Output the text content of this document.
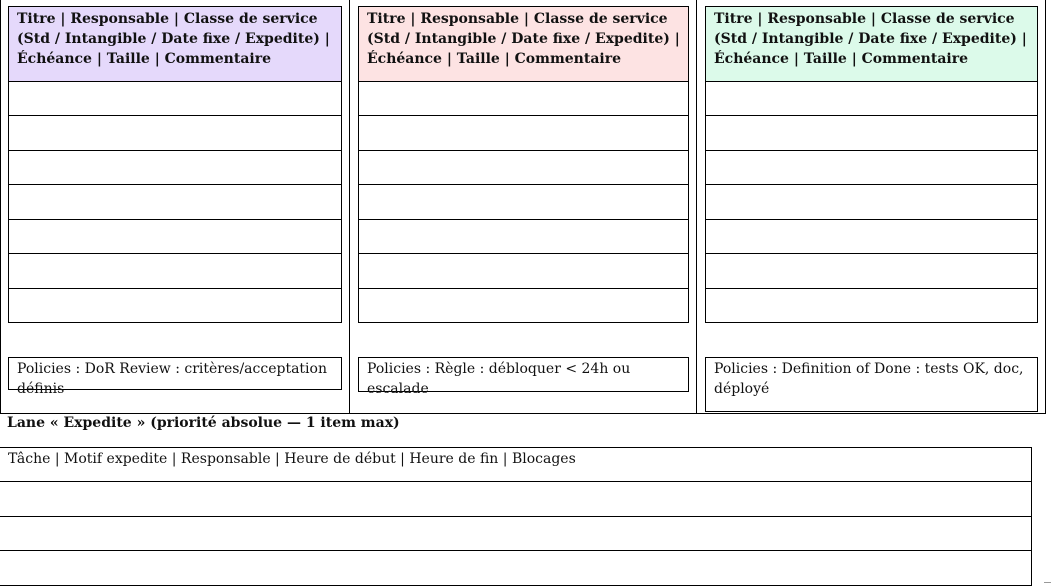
Titre | Responsable | Classe de service (Std / Intangible / Date fixe / Expedite) | Échéance | Taille | Commentaire
Policies : DoR Review : critères/acceptation définis
Titre | Responsable | Classe de service (Std / Intangible / Date fixe / Expedite) | Échéance | Taille | Commentaire
Policies : Règle : débloquer < 24h ou escalade
Titre | Responsable | Classe de service (Std / Intangible / Date fixe / Expedite) | Échéance | Taille | Commentaire
Policies : Definition of Done : tests OK, doc, déployé
Lane « Expedite » (priorité absolue — 1 item max)
Tâche | Motif expedite | Responsable | Heure de début | Heure de fin | Blocages
